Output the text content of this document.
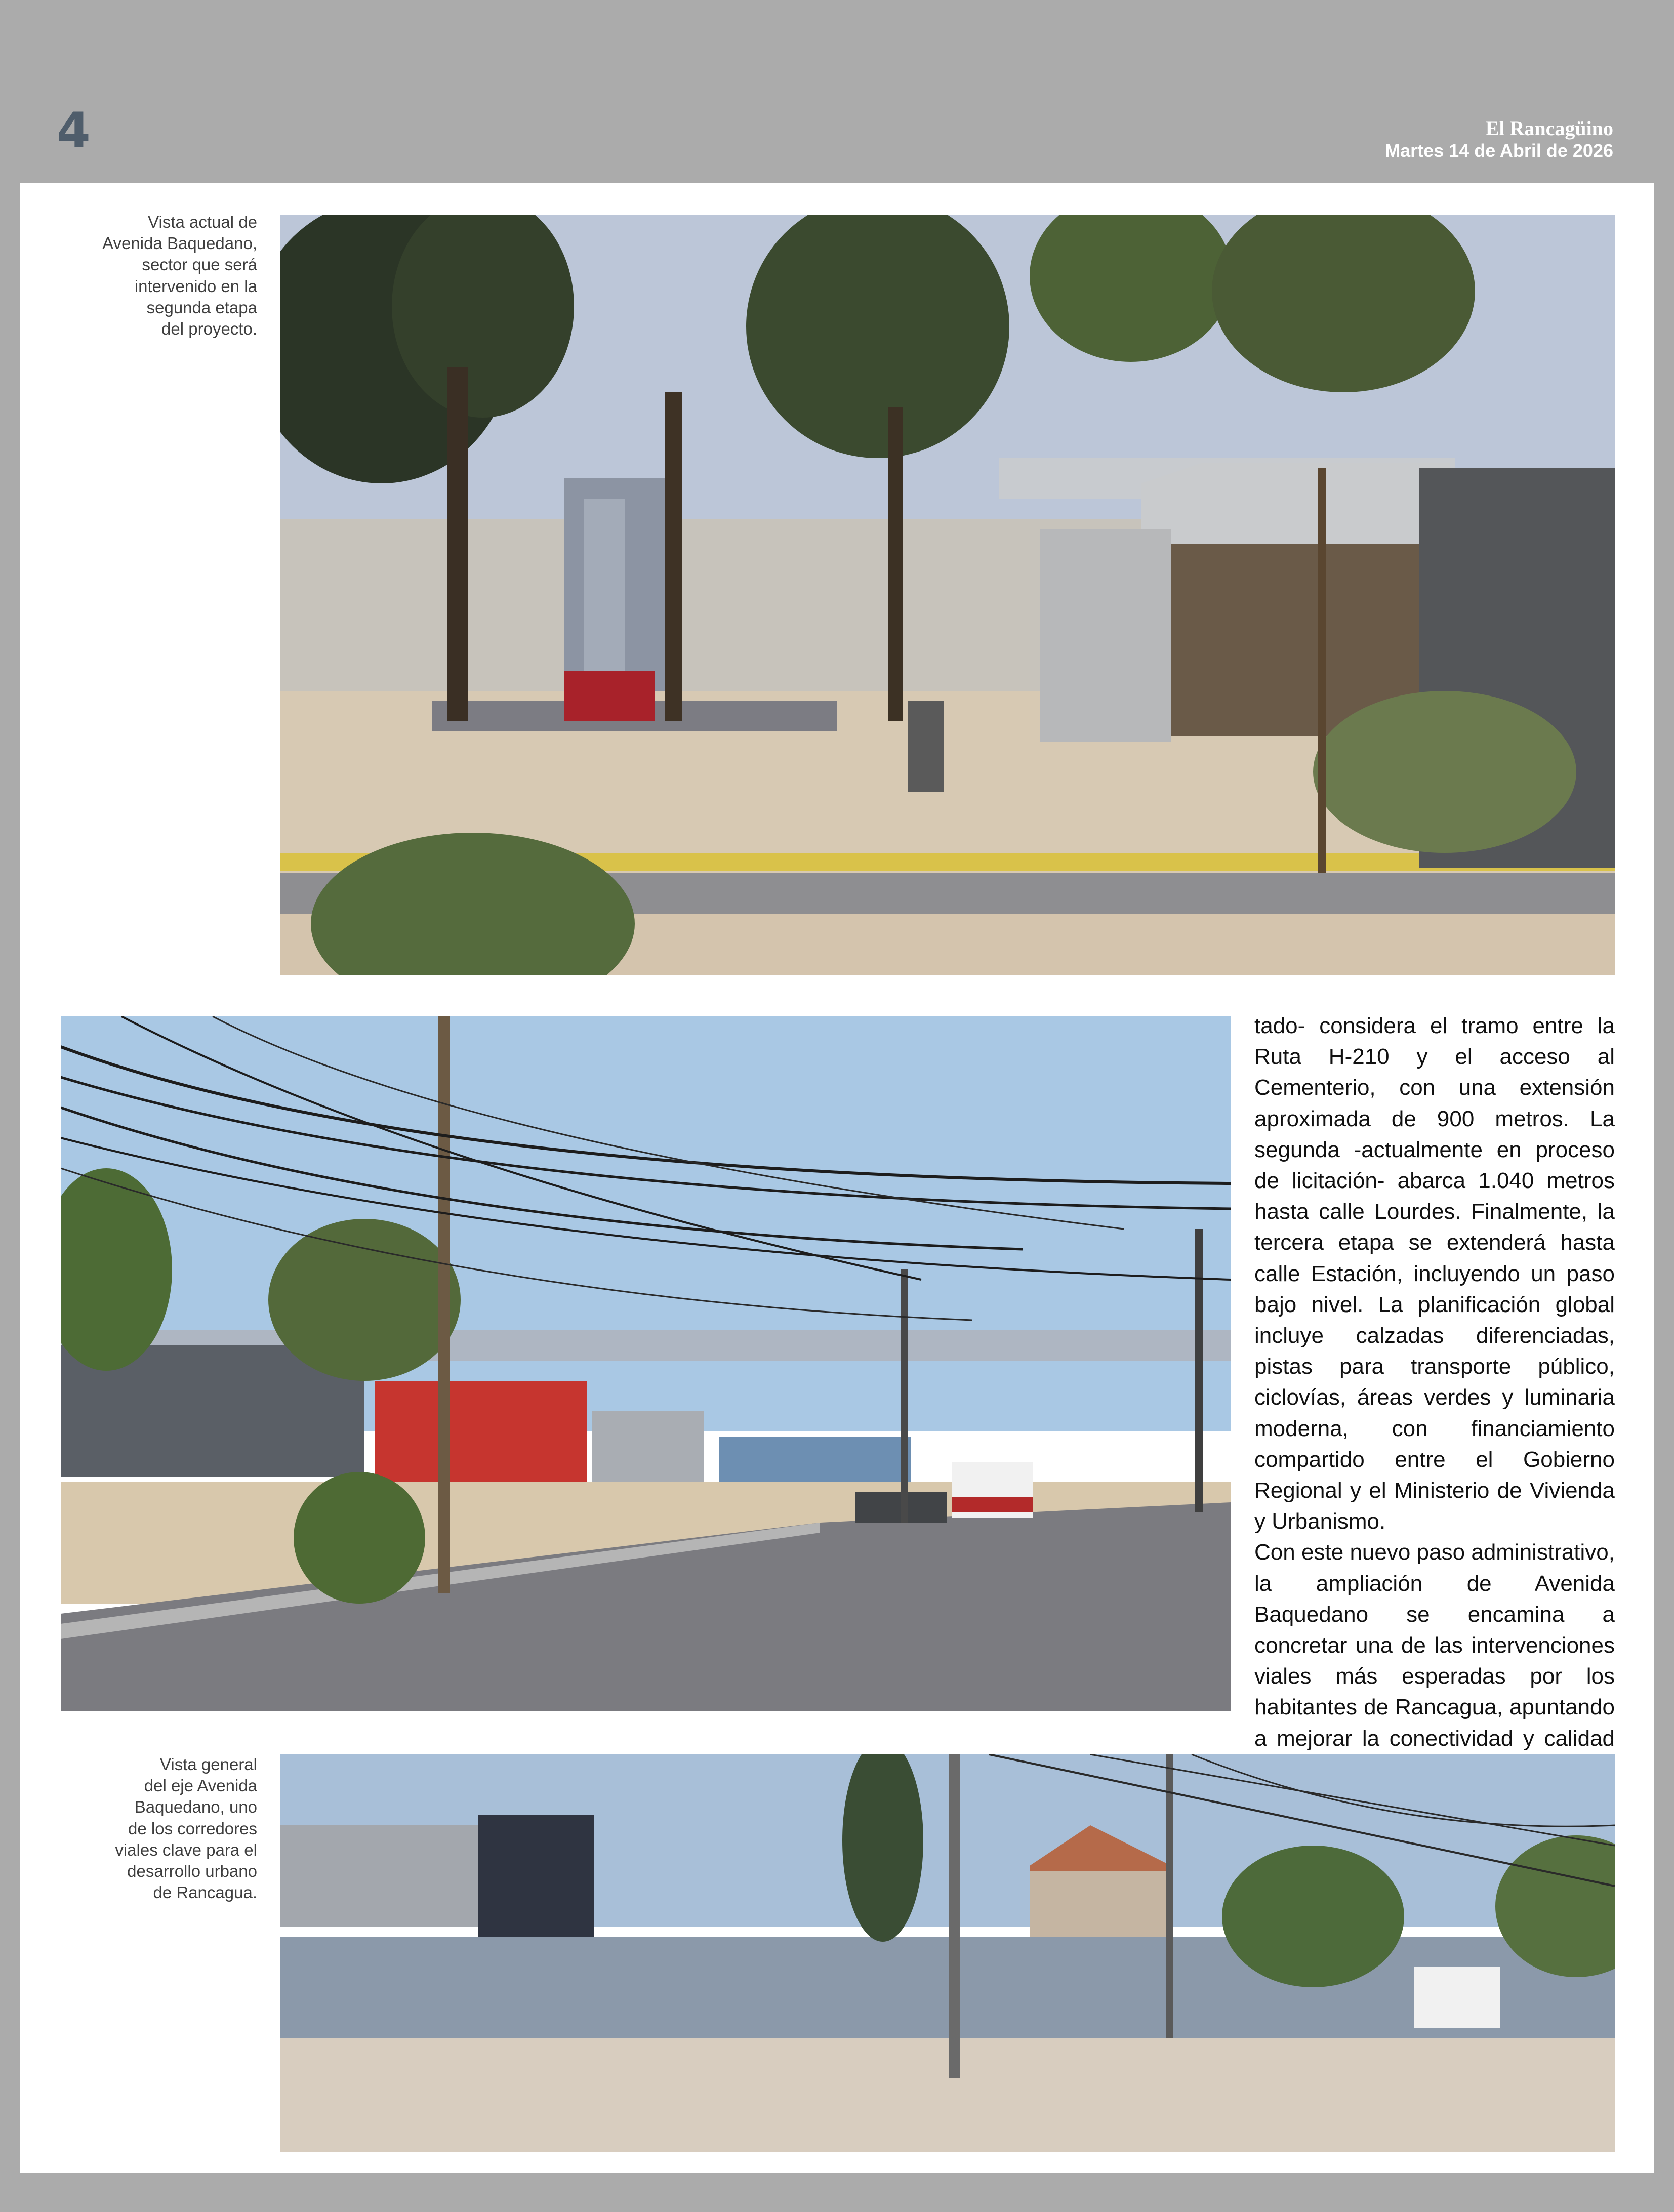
4	El Rancagüino
Martes 14 de Abril de 2026
Vista actual de
Avenida Baquedano,
sector que será
intervenido en la
segunda etapa
del proyecto.

tado- considera el tramo entre la Ruta H-210 y el acceso al Cementerio, con una extensión aproximada de 900 metros. La segunda -actualmente en proceso de licitación- abarca 1.040 metros hasta calle Lourdes. Finalmente, la tercera etapa se extenderá hasta calle Estación, incluyendo un paso bajo nivel. La planificación global incluye calzadas diferenciadas, pistas para transporte público, ciclovías, áreas verdes y luminaria moderna, con financiamiento compartido entre el Gobierno Regional y el Ministerio de Vivienda y Urbanismo.

Con este nuevo paso administrativo, la ampliación de Avenida Baquedano se encamina a concretar una de las intervenciones viales más esperadas por los habitantes de Rancagua, apuntando a mejorar la conectividad y calidad

Vista general
del eje Avenida
Baquedano, uno
de los corredores
viales clave para el
desarrollo urbano
de Rancagua.
